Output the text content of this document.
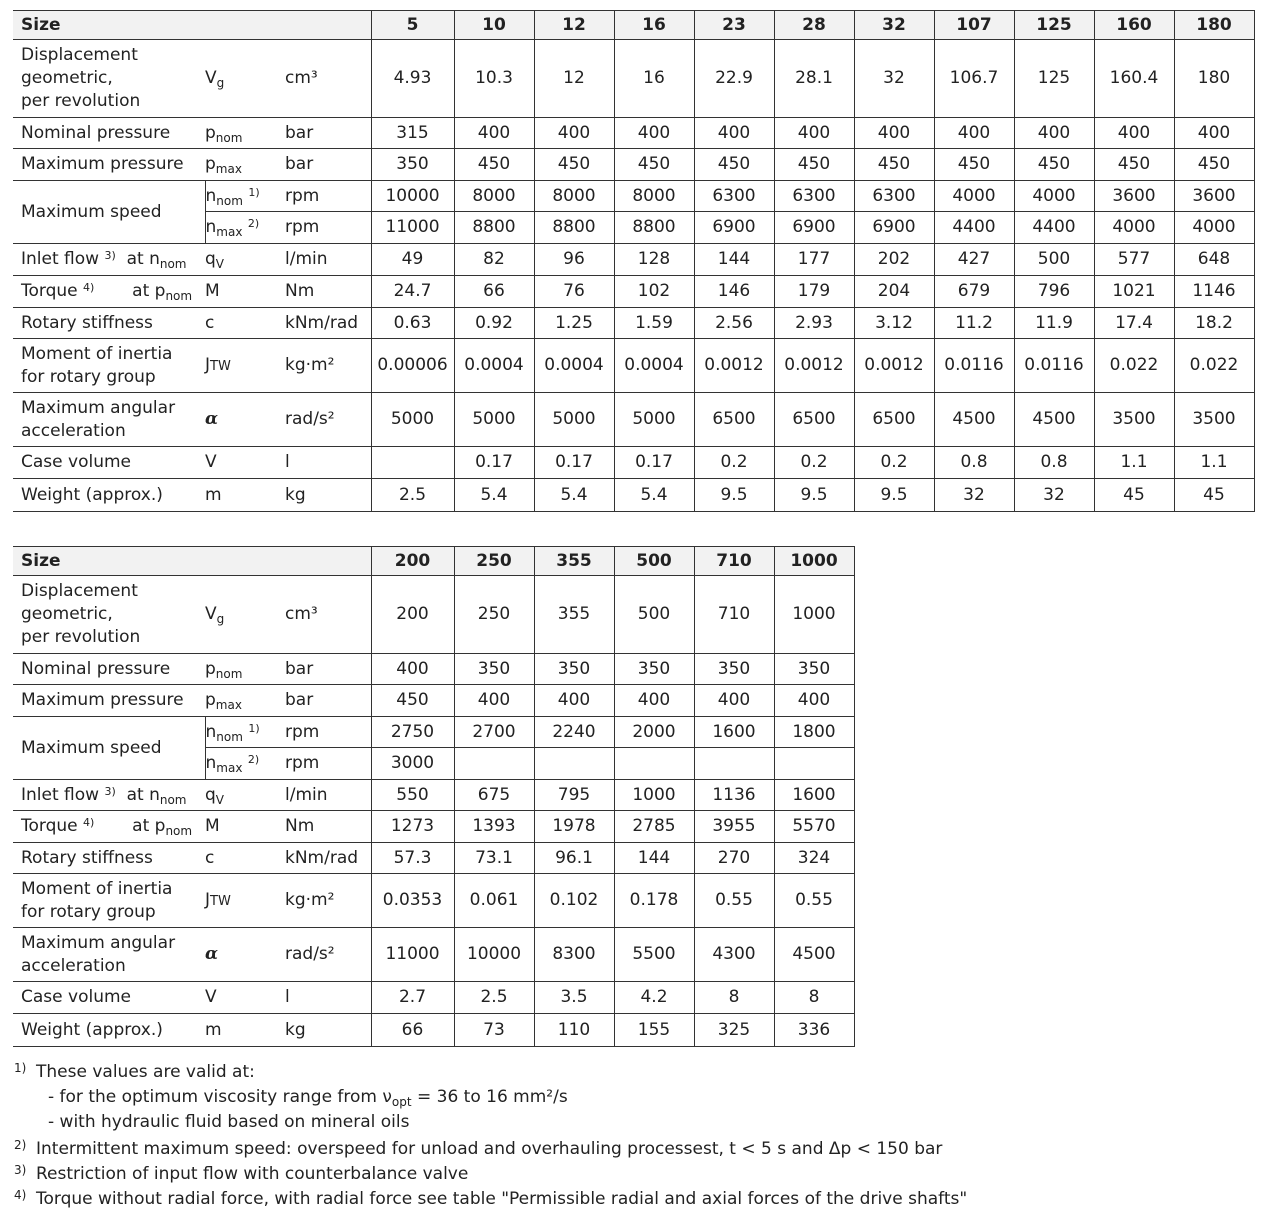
Size			5	10	12	16	23	28	32	107	125	160	180
Displacement
geometric,
per revolution	$V_g$	cm³	4.93	10.3	12	16	22.9	28.1	32	106.7	125	160.4	180
Nominal pressure	$p_{nom}$	bar	315	400	400	400	400	400	400	400	400	400	400
Maximum pressure	$p_{max}$	bar	350	450	450	450	450	450	450	450	450	450	450
Maximum speed	$n_{nom}$ $^{1)}$	rpm	10000	8000	8000	8000	6300	6300	6300	4000	4000	3600	3600
	$n_{max}$ $^{2)}$	rpm	11000	8800	8800	8800	6900	6900	6900	4400	4400	4000	4000
Inlet flow $^{3)}$ at $n_{nom}$	$q_V$	l/min	49	82	96	128	144	177	202	427	500	577	648
Torque $^{4)}$ at $p_{nom}$	M	Nm	24.7	66	76	102	146	179	204	679	796	1021	1146
Rotary stiffness	c	kNm/rad	0.63	0.92	1.25	1.59	2.56	2.93	3.12	11.2	11.9	17.4	18.2
Moment of inertia
for rotary group	JTW	kg·m²	0.00006	0.0004	0.0004	0.0004	0.0012	0.0012	0.0012	0.0116	0.0116	0.022	0.022
Maximum angular
acceleration	α	rad/s²	5000	5000	5000	5000	6500	6500	6500	4500	4500	3500	3500
Case volume	V	l		0.17	0.17	0.17	0.2	0.2	0.2	0.8	0.8	1.1	1.1
Weight (approx.)	m	kg	2.5	5.4	5.4	5.4	9.5	9.5	9.5	32	32	45	45
Size			200	250	355	500	710	1000
Displacement
geometric,
per revolution	$V_g$	cm³	200	250	355	500	710	1000
Nominal pressure	$p_{nom}$	bar	400	350	350	350	350	350
Maximum pressure	$p_{max}$	bar	450	400	400	400	400	400
Maximum speed	$n_{nom}$ $^{1)}$	rpm	2750	2700	2240	2000	1600	1800
	$n_{max}$ $^{2)}$	rpm	3000					
Inlet flow $^{3)}$ at $n_{nom}$	$q_V$	l/min	550	675	795	1000	1136	1600
Torque $^{4)}$ at $p_{nom}$	M	Nm	1273	1393	1978	2785	3955	5570
Rotary stiffness	c	kNm/rad	57.3	73.1	96.1	144	270	324
Moment of inertia
for rotary group	JTW	kg·m²	0.0353	0.061	0.102	0.178	0.55	0.55
Maximum angular
acceleration	α	rad/s²	11000	10000	8300	5500	4300	4500
Case volume	V	l	2.7	2.5	3.5	4.2	8	8
Weight (approx.)	m	kg	66	73	110	155	325	336
1) These values are valid at:
- for the optimum viscosity range from $\nu_{opt} = 36$ to 16 mm²/s
- with hydraulic fluid based on mineral oils
2) Intermittent maximum speed: overspeed for unload and overhauling processest, t < 5 s and Δp < 150 bar
3) Restriction of input flow with counterbalance valve
4) Torque without radial force, with radial force see table "Permissible radial and axial forces of the drive shafts"
